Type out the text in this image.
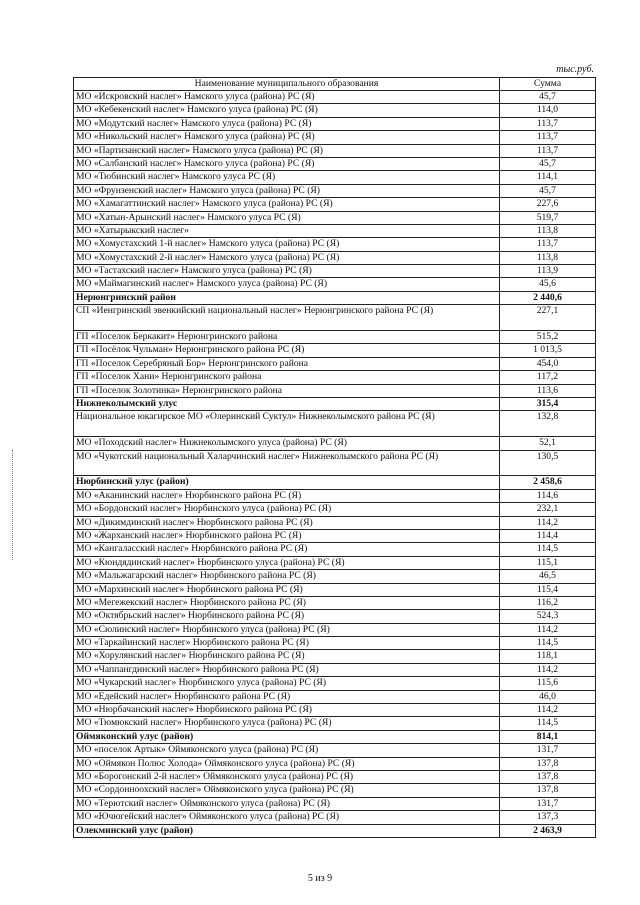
тыс.руб.
Наименование муниципального образования	Сумма
МО «Искровский наслег» Намского улуса (района) РС (Я)	45,7
МО «Кебекенский наслег» Намского улуса (района) РС (Я)	114,0
МО «Модутский наслег» Намского улуса (района) РС (Я)	113,7
МО «Никольский наслег» Намского улуса (района) РС (Я)	113,7
МО «Партизанский наслег» Намского улуса (района) РС (Я)	113,7
МО «Салбанский наслег» Намского улуса (района) РС (Я)	45,7
МО «Тюбинский наслег» Намского улуса РС (Я)	114,1
МО «Фрунзенский наслег» Намского улуса (района) РС (Я)	45,7
МО «Хамагаттинский наслег» Намского улуса (района) РС (Я)	227,6
МО «Хатын-Арынский наслег» Намского улуса РС (Я)	519,7
МО «Хатырыкский наслег»	113,8
МО «Хомустахский 1-й наслег» Намского улуса (района) РС (Я)	113,7
МО «Хомустахский 2-й наслег» Намского улуса (района) РС (Я)	113,8
МО «Тастахский наслег» Намского улуса (района) РС (Я)	113,9
МО «Маймагинский наслег» Намского улуса (района) РС (Я)	45,6
Нерюнгринский район	2 440,6
СП «Иенгринский эвенкийский национальный наслег» Нерюнгринского района РС (Я)	227,1
ГП «Поселок Беркакит» Нерюнгринского района	515,2
ГП «Посёлок Чульман» Нерюнгринского района РС (Я)	1 013,5
ГП «Поселок Серебряный Бор» Нерюнгринского района	454,0
ГП «Поселок Хани» Нерюнгринского района	117,2
ГП «Поселок Золотинка» Нерюнгринского района	113,6
Нижнеколымский улус	315,4
Национальное юкагирское МО «Олеринский Суктул» Нижнеколымского района РС (Я)	132,8
МО «Походский наслег» Нижнеколымского улуса (района) РС (Я)	52,1
МО «Чукотский национальный Халарчинский наслег» Нижнеколымского района РС (Я)	130,5
Нюрбинский улус (район)	2 458,6
МО «Аканинский наслег» Нюрбинского района РС (Я)	114,6
МО «Бордонский наслег» Нюрбинского улуса (района) РС (Я)	232,1
МО «Дикимдинский наслег» Нюрбинского района РС (Я)	114,2
МО «Жарханский наслег» Нюрбинского района РС (Я)	114,4
МО «Кангаласский наслег» Нюрбинского района РС (Я)	114,5
МО «Кюндядинский наслег» Нюрбинского улуса (района) РС (Я)	115,1
МО «Мальжагарский наслег» Нюрбинского района РС (Я)	46,5
МО «Мархинский наслег» Нюрбинского района РС (Я)	115,4
МО «Мегежекский наслег» Нюрбинского района РС (Я)	116,2
МО «Октябрьский наслег» Нюрбинского района РС (Я)	524,3
МО «Сюлинский наслег» Нюрбинского улуса (района) РС (Я)	114,2
МО «Таркайинский наслег» Нюрбинского района РС (Я)	114,5
МО «Хорулянский наслег» Нюрбинского района РС (Я)	118,1
МО «Чаппангдинский наслег» Нюрбинского района РС (Я)	114,2
МО «Чукарский наслег» Нюрбинского улуса (района) РС (Я)	115,6
МО «Едейский наслег» Нюрбинского района РС (Я)	46,0
МО «Нюрбачанский наслег» Нюрбинского района РС (Я)	114,2
МО «Тюмюкский наслег» Нюрбинского улуса (района) РС (Я)	114,5
Оймяконский улус (район)	814,1
МО «поселок Артык» Оймяконского улуса (района) РС (Я)	131,7
МО «Оймякон Полюс Холода» Оймяконского улуса (района) РС (Я)	137,8
МО «Борогонский 2-й наслег» Оймяконского улуса (района) РС (Я)	137,8
МО «Сордонноохский наслег» Оймяконского улуса (района) РС (Я)	137,8
МО «Терютский наслег» Оймяконского улуса (района) РС (Я)	131,7
МО «Ючюгейский наслег» Оймяконского улуса (района) РС (Я)	137,3
Олекминский улус (район)	2 463,9
5 из 9
